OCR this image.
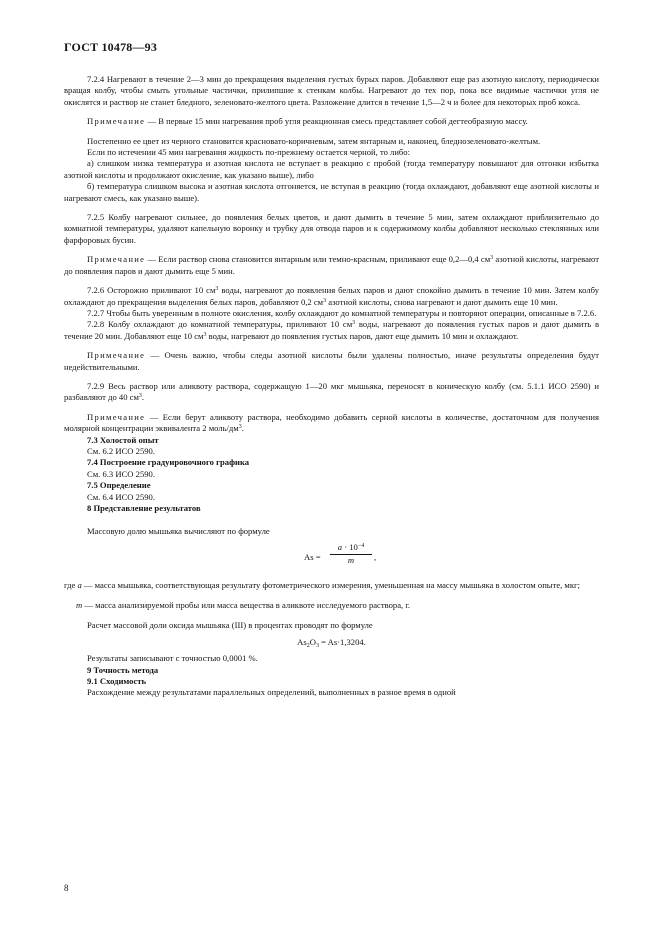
ГОСТ 10478—93

7.2.4 Нагревают в течение 2—3 мин до прекращения выделения густых бурых паров. Добавляют еще раз азотную кислоту, периодически вращая колбу, чтобы смыть угольные частички, прилипшие к стенкам колбы. Нагревают до тех пор, пока все видимые частички угля не окислятся и раствор не станет бледного, зеленовато-желтого цвета. Разложение длится в течение 1,5—2 ч и более для некоторых проб кокса.

Примечание — В первые 15 мин нагревания проб угля реакционная смесь представляет собой дегтеобразную массу.

Постепенно ее цвет из черного становится красновато-коричневым, затем янтарным и, наконец, бледнозеленовато-желтым.

Если по истечении 45 мин нагревания жидкость по-прежнему остается черной, то либо:

а) слишком низка температура и азотная кислота не вступает в реакцию с пробой (тогда температуру повышают для отгонки избытка азотной кислоты и продолжают окисление, как указано выше), либо

б) температура слишком высока и азотная кислота отгоняется, не вступая в реакцию (тогда охлаждают, добавляют еще азотной кислоты и нагревают смесь, как указано выше).

7.2.5 Колбу нагревают сильнее, до появления белых цветов, и дают дымить в течение 5 мин, затем охлаждают приблизительно до комнатной температуры, удаляют капельную воронку и трубку для отвода паров и к содержимому колбы добавляют несколько стеклянных или фарфоровых бусин.

Примечание — Если раствор снова становится янтарным или темно-красным, приливают еще 0,2—0,4 $см^3$ азотной кислоты, нагревают до появления паров и дают дымить еще 5 мин.

7.2.6 Осторожно приливают 10 $см^3$ воды, нагревают до появления белых паров и дают спокойно дымить в течение 10 мин. Затем колбу охлаждают до прекращения выделения белых паров, добавляют 0,2 $см^3$ азотной кислоты, снова нагревают и дают дымить еще 10 мин.

7.2.7 Чтобы быть уверенным в полноте окисления, колбу охлаждают до комнатной температуры и повторяют операции, описанные в 7.2.6.

7.2.8 Колбу охлаждают до комнатной температуры, приливают 10 $см^3$ воды, нагревают до появления густых паров и дают дымить в течение 20 мин. Добавляют еще 10 $см^3$ воды, нагревают до появления густых паров, дают еще дымить 10 мин и охлаждают.

Примечание — Очень важно, чтобы следы азотной кислоты были удалены полностью, иначе результаты определения будут недействительными.

7.2.9 Весь раствор или аликвоту раствора, содержащую 1—20 мкг мышьяка, переносят в коническую колбу (см. 5.1.1 ИСО 2590) и разбавляют до 40 $см^3$.

Примечание — Если берут аликвоту раствора, необходимо добавить серной кислоты в количестве, достаточном для получения молярной концентрации эквивалента 2 моль/$дм^3$.

7.3 Холостой опыт

См. 6.2 ИСО 2590.

7.4 Построение градуировочного графика

См. 6.3 ИСО 2590.

7.5 Определение

См. 6.4 ИСО 2590.

8 Представление результатов

Массовую долю мышьяка вычисляют по формуле

$As = \frac{a \cdot 10^{-4}}{m}$ ,

где a — масса мышьяка, соответствующая результату фотометрического измерения, уменьшенная на массу мышьяка в холостом опыте, мкг;

m — масса анализируемой пробы или масса вещества в аликвоте исследуемого раствора, г.

Расчет массовой доли оксида мышьяка (III) в процентах проводят по формуле

$As_2O_3 = As\cdot 1,3204$.

Результаты записывают с точностью 0,0001 %.

9 Точность метода

9.1 Сходимость

Расхождение между результатами параллельных определений, выполненных в разное время в одной

8
